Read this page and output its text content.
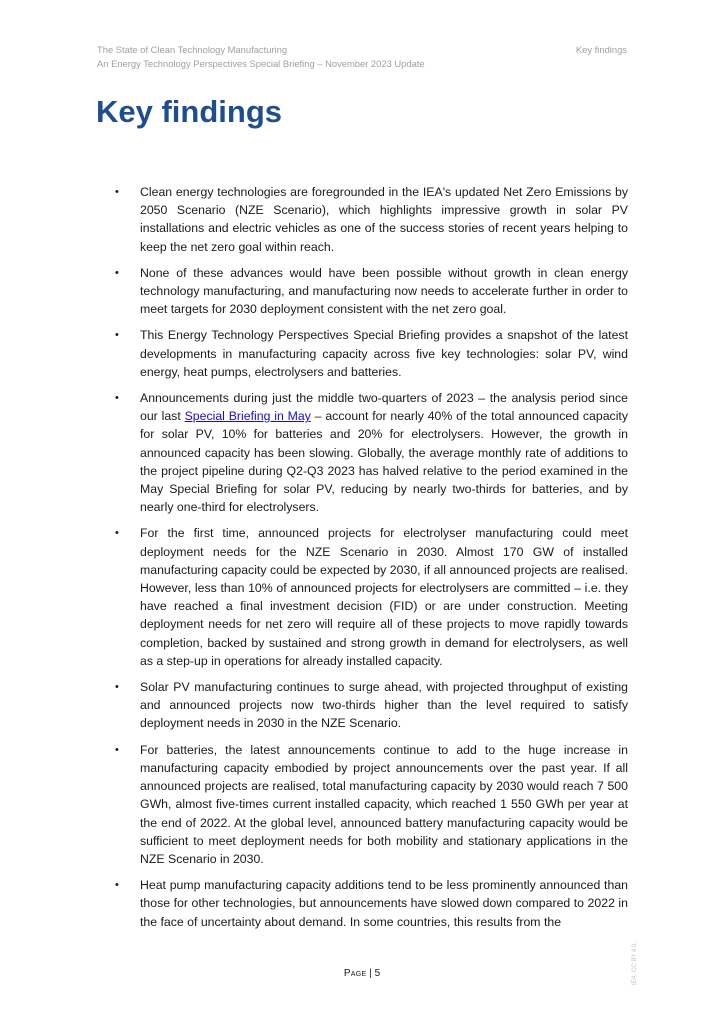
The State of Clean Technology Manufacturing
An Energy Technology Perspectives Special Briefing – November 2023 Update
Key findings
Key findings
• Clean energy technologies are foregrounded in the IEA's updated Net Zero Emissions by 2050 Scenario (NZE Scenario), which highlights impressive growth in solar PV installations and electric vehicles as one of the success stories of recent years helping to keep the net zero goal within reach.
• None of these advances would have been possible without growth in clean energy technology manufacturing, and manufacturing now needs to accelerate further in order to meet targets for 2030 deployment consistent with the net zero goal.
• This Energy Technology Perspectives Special Briefing provides a snapshot of the latest developments in manufacturing capacity across five key technologies: solar PV, wind energy, heat pumps, electrolysers and batteries.
• Announcements during just the middle two-quarters of 2023 – the analysis period since our last Special Briefing in May – account for nearly 40% of the total announced capacity for solar PV, 10% for batteries and 20% for electrolysers. However, the growth in announced capacity has been slowing. Globally, the average monthly rate of additions to the project pipeline during Q2-Q3 2023 has halved relative to the period examined in the May Special Briefing for solar PV, reducing by nearly two-thirds for batteries, and by nearly one-third for electrolysers.
• For the first time, announced projects for electrolyser manufacturing could meet deployment needs for the NZE Scenario in 2030. Almost 170 GW of installed manufacturing capacity could be expected by 2030, if all announced projects are realised. However, less than 10% of announced projects for electrolysers are committed – i.e. they have reached a final investment decision (FID) or are under construction. Meeting deployment needs for net zero will require all of these projects to move rapidly towards completion, backed by sustained and strong growth in demand for electrolysers, as well as a step-up in operations for already installed capacity.
• Solar PV manufacturing continues to surge ahead, with projected throughput of existing and announced projects now two-thirds higher than the level required to satisfy deployment needs in 2030 in the NZE Scenario.
• For batteries, the latest announcements continue to add to the huge increase in manufacturing capacity embodied by project announcements over the past year. If all announced projects are realised, total manufacturing capacity by 2030 would reach 7 500 GWh, almost five-times current installed capacity, which reached 1 550 GWh per year at the end of 2022. At the global level, announced battery manufacturing capacity would be sufficient to meet deployment needs for both mobility and stationary applications in the NZE Scenario in 2030.
• Heat pump manufacturing capacity additions tend to be less prominently announced than those for other technologies, but announcements have slowed down compared to 2022 in the face of uncertainty about demand. In some countries, this results from the
Page | 5	IEA. CC BY 4.0.
